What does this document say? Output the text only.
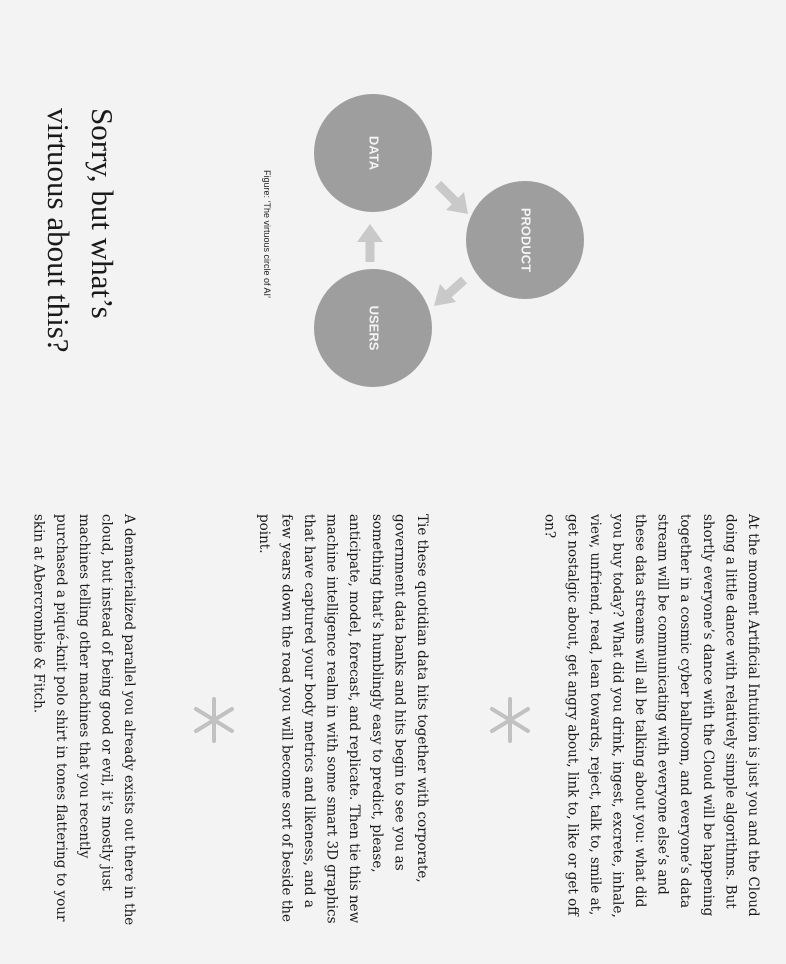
Sorry, but what’s virtuous about this?	DATA
PRODUCT
USERS
Figure: ‘The virtuous circle of AI’
At the moment Artificial Intuition is just you and the Cloud doing a little dance with relatively simple algorithms. But shortly everyone’s dance with the Cloud will be happening together in a cosmic cyber ballroom, and everyone’s data stream will be communicating with everyone else’s and these data streams will all be talking about you: what did you buy today? What did you drink, ingest, excrete, inhale, view, unfriend, read, lean towards, reject, talk to, smile at, get nostalgic about, get angry about, link to, like or get off on?
Tie these quotidian data hits together with corporate, government data banks and hits begin to see you as something that’s humblingly easy to predict, please, anticipate, model, forecast, and replicate. Then tie this new machine intelligence realm in with some smart 3D graphics that have captured your body metrics and likeness, and a few years down the road you will become sort of beside the point.
A dematerialized parallel you already exists out there in the cloud, but instead of being good or evil, it’s mostly just machines telling other machines that you recently purchased a piqué-knit polo shirt in tones flattering to your skin at Abercrombie & Fitch.
